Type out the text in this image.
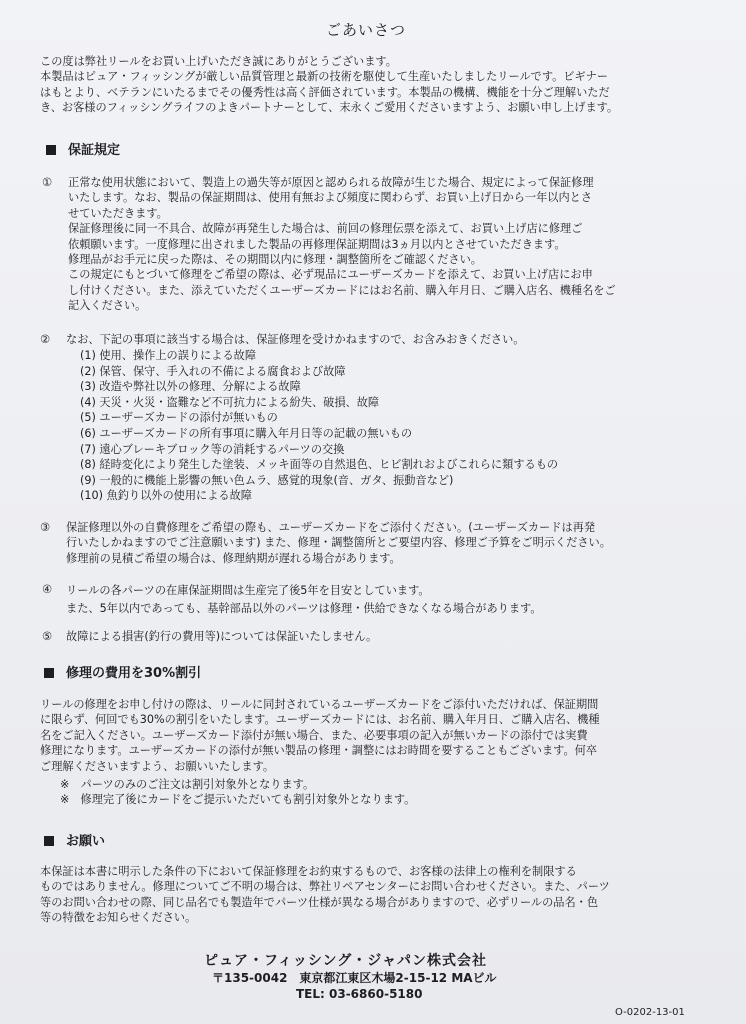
ごあいさつ
この度は弊社リールをお買い上げいただき誠にありがとうございます。
本製品はピュア・フィッシングが厳しい品質管理と最新の技術を駆使して生産いたしましたリールです。ビギナー
はもとより、ベテランにいたるまでその優秀性は高く評価されています。本製品の機構、機能を十分ご理解いただ
き、お客様のフィッシングライフのよきパートナーとして、末永くご愛用くださいますよう、お願い申し上げます。
保証規定
① 正常な使用状態において、製造上の過失等が原因と認められる故障が生じた場合、規定によって保証修理
いたします。なお、製品の保証期間は、使用有無および頻度に関わらず、お買い上げ日から一年以内とさ
せていただきます。
保証修理後に同一不具合、故障が再発生した場合は、前回の修理伝票を添えて、お買い上げ店に修理ご
依頼願います。一度修理に出されました製品の再修理保証期間は3ヵ月以内とさせていただきます。
修理品がお手元に戻った際は、その期間以内に修理・調整箇所をご確認ください。
この規定にもとづいて修理をご希望の際は、必ず現品にユーザーズカードを添えて、お買い上げ店にお申
し付けください。また、添えていただくユーザーズカードにはお名前、購入年月日、ご購入店名、機種名をご
記入ください。
② なお、下記の事項に該当する場合は、保証修理を受けかねますので、お含みおきください。
(1) 使用、操作上の誤りによる故障
(2) 保管、保守、手入れの不備による腐食および故障
(3) 改造や弊社以外の修理、分解による故障
(4) 天災・火災・盗難など不可抗力による紛失、破損、故障
(5) ユーザーズカードの添付が無いもの
(6) ユーザーズカードの所有事項に購入年月日等の記載の無いもの
(7) 遠心ブレーキブロック等の消耗するパーツの交換
(8) 経時変化により発生した塗装、メッキ面等の自然退色、ヒビ割れおよびこれらに類するもの
(9) 一般的に機能上影響の無い色ムラ、感覚的現象(音、ガタ、振動音など)
(10) 魚釣り以外の使用による故障
③ 保証修理以外の自費修理をご希望の際も、ユーザーズカードをご添付ください。(ユーザーズカードは再発
行いたしかねますのでご注意願います) また、修理・調整箇所とご要望内容、修理ご予算をご明示ください。
修理前の見積ご希望の場合は、修理納期が遅れる場合があります。
④ リールの各パーツの在庫保証期間は生産完了後5年を目安としています。
また、5年以内であっても、基幹部品以外のパーツは修理・供給できなくなる場合があります。
⑤ 故障による損害(釣行の費用等)については保証いたしません。
修理の費用を30%割引
リールの修理をお申し付けの際は、リールに同封されているユーザーズカードをご添付いただければ、保証期間
に限らず、何回でも30%の割引をいたします。ユーザーズカードには、お名前、購入年月日、ご購入店名、機種
名をご記入ください。ユーザーズカード添付が無い場合、また、必要事項の記入が無いカードの添付では実費
修理になります。ユーザーズカードの添付が無い製品の修理・調整にはお時間を要することもございます。何卒
ご理解くださいますよう、お願いいたします。
※　パーツのみのご注文は割引対象外となります。
※　修理完了後にカードをご提示いただいても割引対象外となります。
お願い
本保証は本書に明示した条件の下において保証修理をお約束するもので、お客様の法律上の権利を制限する
ものではありません。修理についてご不明の場合は、弊社リペアセンターにお問い合わせください。また、パーツ
等のお問い合わせの際、同じ品名でも製造年でパーツ仕様が異なる場合がありますので、必ずリールの品名・色
等の特徴をお知らせください。
ピュア・フィッシング・ジャパン株式会社
〒135-0042　東京都江東区木場2-15-12 MAビル
TEL: 03-6860-5180
O-0202-13-01
